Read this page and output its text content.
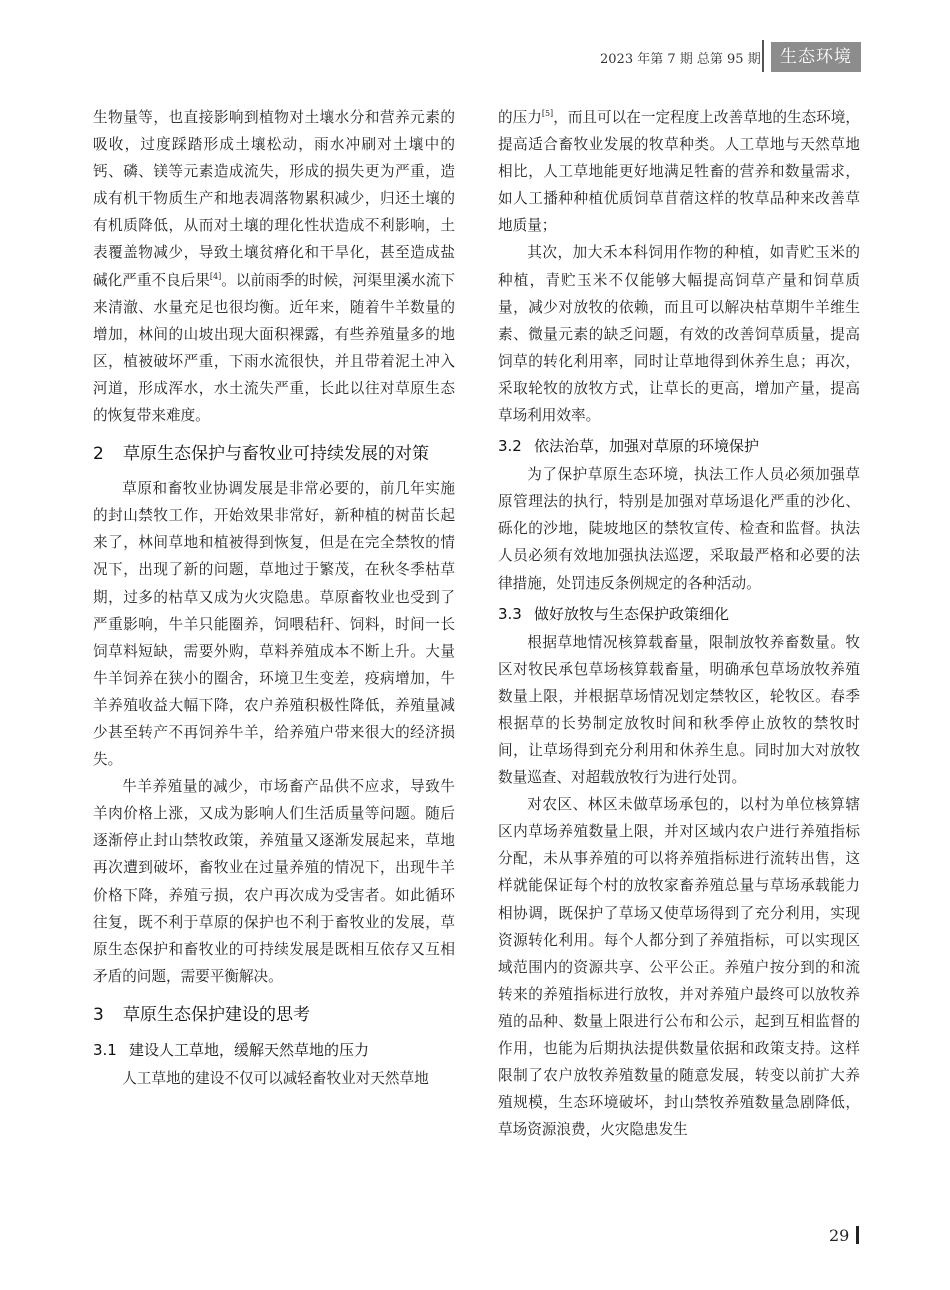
2023 年第 7 期 总第 95 期	生态环境

生物量等，也直接影响到植物对土壤水分和营养元素的吸收，过度踩踏形成土壤松动，雨水冲刷对土壤中的钙、磷、镁等元素造成流失，形成的损失更为严重，造成有机干物质生产和地表凋落物累积减少，归还土壤的有机质降低，从而对土壤的理化性状造成不利影响，土表覆盖物减少，导致土壤贫瘠化和干旱化，甚至造成盐碱化严重不良后果[4]。以前雨季的时候，河渠里溪水流下来清澈、水量充足也很均衡。近年来，随着牛羊数量的增加，林间的山坡出现大面积裸露，有些养殖量多的地区，植被破坏严重，下雨水流很快，并且带着泥土冲入河道，形成浑水，水土流失严重，长此以往对草原生态的恢复带来难度。

2 草原生态保护与畜牧业可持续发展的对策

草原和畜牧业协调发展是非常必要的，前几年实施的封山禁牧工作，开始效果非常好，新种植的树苗长起来了，林间草地和植被得到恢复，但是在完全禁牧的情况下，出现了新的问题，草地过于繁茂，在秋冬季枯草期，过多的枯草又成为火灾隐患。草原畜牧业也受到了严重影响，牛羊只能圈养，饲喂秸秆、饲料，时间一长饲草料短缺，需要外购，草料养殖成本不断上升。大量牛羊饲养在狭小的圈舍，环境卫生变差，疫病增加，牛羊养殖收益大幅下降，农户养殖积极性降低，养殖量减少甚至转产不再饲养牛羊，给养殖户带来很大的经济损失。

牛羊养殖量的减少，市场畜产品供不应求，导致牛羊肉价格上涨，又成为影响人们生活质量等问题。随后逐渐停止封山禁牧政策，养殖量又逐渐发展起来，草地再次遭到破坏，畜牧业在过量养殖的情况下，出现牛羊价格下降，养殖亏损，农户再次成为受害者。如此循环往复，既不利于草原的保护也不利于畜牧业的发展，草原生态保护和畜牧业的可持续发展是既相互依存又互相矛盾的问题，需要平衡解决。

3 草原生态保护建设的思考
3.1 建设人工草地，缓解天然草地的压力

人工草地的建设不仅可以减轻畜牧业对天然草地

的压力[5]，而且可以在一定程度上改善草地的生态环境，提高适合畜牧业发展的牧草种类。人工草地与天然草地相比，人工草地能更好地满足牲畜的营养和数量需求，如人工播种种植优质饲草苜蓿这样的牧草品种来改善草地质量；

其次，加大禾本科饲用作物的种植，如青贮玉米的种植，青贮玉米不仅能够大幅提高饲草产量和饲草质量，减少对放牧的依赖，而且可以解决枯草期牛羊维生素、微量元素的缺乏问题，有效的改善饲草质量，提高饲草的转化利用率，同时让草地得到休养生息；再次，采取轮牧的放牧方式，让草长的更高，增加产量，提高草场利用效率。

3.2 依法治草，加强对草原的环境保护

为了保护草原生态环境，执法工作人员必须加强草原管理法的执行，特别是加强对草场退化严重的沙化、砾化的沙地，陡坡地区的禁牧宣传、检查和监督。执法人员必须有效地加强执法巡逻，采取最严格和必要的法律措施，处罚违反条例规定的各种活动。

3.3 做好放牧与生态保护政策细化

根据草地情况核算载畜量，限制放牧养畜数量。牧区对牧民承包草场核算载畜量，明确承包草场放牧养殖数量上限，并根据草场情况划定禁牧区，轮牧区。春季根据草的长势制定放牧时间和秋季停止放牧的禁牧时间，让草场得到充分利用和休养生息。同时加大对放牧数量巡查、对超载放牧行为进行处罚。

对农区、林区未做草场承包的，以村为单位核算辖区内草场养殖数量上限，并对区域内农户进行养殖指标分配，未从事养殖的可以将养殖指标进行流转出售，这样就能保证每个村的放牧家畜养殖总量与草场承载能力相协调，既保护了草场又使草场得到了充分利用，实现资源转化利用。每个人都分到了养殖指标，可以实现区域范围内的资源共享、公平公正。养殖户按分到的和流转来的养殖指标进行放牧，并对养殖户最终可以放牧养殖的品种、数量上限进行公布和公示，起到互相监督的作用，也能为后期执法提供数量依据和政策支持。这样限制了农户放牧养殖数量的随意发展，转变以前扩大养殖规模，生态环境破坏，封山禁牧养殖数量急剧降低，草场资源浪费，火灾隐患发生

29
